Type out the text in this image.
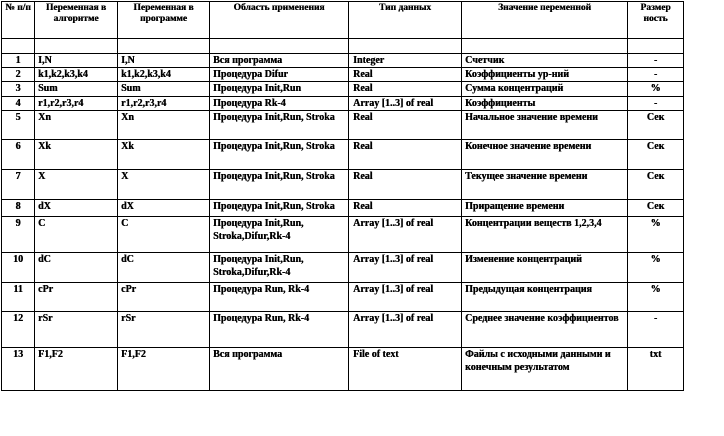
№ п/п	Переменная в алгоритме	Переменная в программе	Область применения	Тип данных	Значение переменной	Размер ность

1	I,N	I,N	Вся программа	Integer	Счетчик	-
2	k1,k2,k3,k4	k1,k2,k3,k4	Процедура Difur	Real	Коэффициенты ур-ний	-
3	Sum	Sum	Процедура Init,Run	Real	Сумма концентраций	%
4	r1,r2,r3,r4	r1,r2,r3,r4	Процедура Rk-4	Array [1..3] of real	Коэффициенты	-
5	Xn	Xn	Процедура Init,Run, Stroka	Real	Начальное значение времени	Сек
6	Xk	Xk	Процедура Init,Run, Stroka	Real	Конечное значение времени	Сек
7	X	X	Процедура Init,Run, Stroka	Real	Текущее значение времени	Сек
8	dX	dX	Процедура Init,Run, Stroka	Real	Приращение времени	Сек
9	C	C	Процедура Init,Run, Stroka,Difur,Rk-4	Array [1..3] of real	Концентрации веществ 1,2,3,4	%
10	dC	dC	Процедура Init,Run, Stroka,Difur,Rk-4	Array [1..3] of real	Изменение концентраций	%
11	cPr	cPr	Процедура Run, Rk-4	Array [1..3] of real	Предыдущая концентрация	%
12	rSr	rSr	Процедура Run, Rk-4	Array [1..3] of real	Среднее значение коэффициентов	-
13	F1,F2	F1,F2	Вся программа	File of text	Файлы с исходными данными и конечным результатом	txt
